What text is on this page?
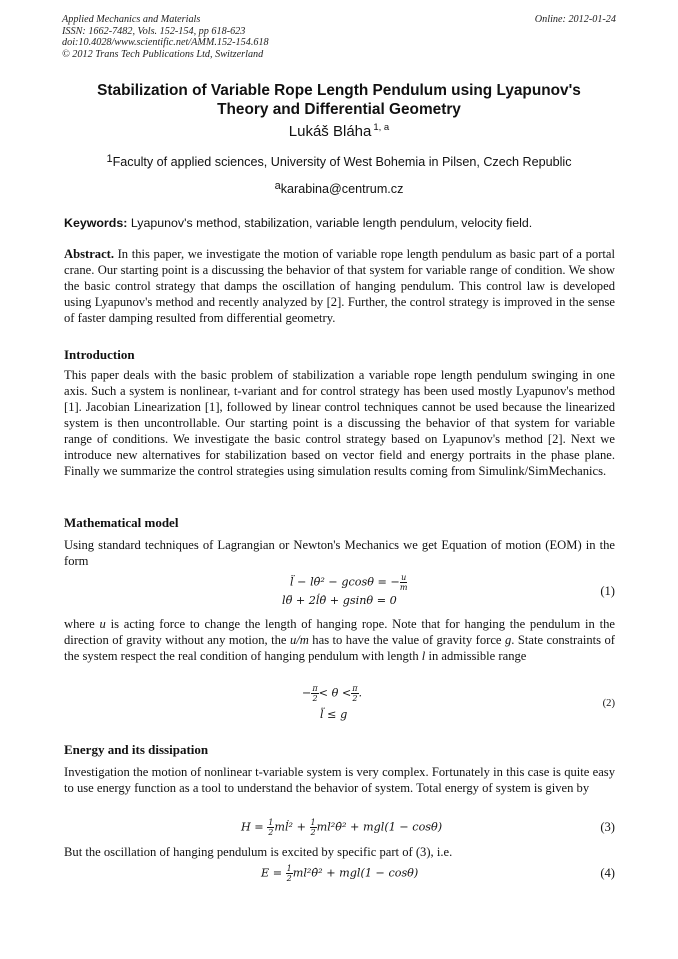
Applied Mechanics and Materials
ISSN: 1662-7482, Vols. 152-154, pp 618-623
doi:10.4028/www.scientific.net/AMM.152-154.618
© 2012 Trans Tech Publications Ltd, Switzerland
Online: 2012-01-24
Stabilization of Variable Rope Length Pendulum using Lyapunov's
Theory and Differential Geometry
Lukáš Bláha $^{1, a}$
1Faculty of applied sciences, University of West Bohemia in Pilsen, Czech Republic
akarabina@centrum.cz
Keywords: Lyapunov's method, stabilization, variable length pendulum, velocity field.

Abstract. In this paper, we investigate the motion of variable rope length pendulum as basic part of a portal crane. Our starting point is a discussing the behavior of that system for variable range of condition. We show the basic control strategy that damps the oscillation of hanging pendulum. This control law is developed using Lyapunov's method and recently analyzed by [2]. Further, the control strategy is improved in the sense of faster damping resulted from differential geometry.

Introduction

This paper deals with the basic problem of stabilization a variable rope length pendulum swinging in one axis. Such a system is nonlinear, t-variant and for control strategy has been used mostly Lyapunov's method [1]. Jacobian Linearization [1], followed by linear control techniques cannot be used because the linearized system is then uncontrollable. Our starting point is a discussing the behavior of that system for variable range of conditions. We investigate the basic control strategy based on Lyapunov's method [2]. Next we introduce new alternatives for stabilization based on vector field and energy portraits in the phase plane. Finally we summarize the control strategies using simulation results coming from Simulink/SimMechanics.

Mathematical model

Using standard techniques of Lagrangian or Newton's Mechanics we get Equation of motion (EOM) in the form

l̈ − lθ̇² − gcosθ = − $\frac{u}{m}$
lθ̈ + 2l̇θ̇ + gsinθ = 0
(1)

where u is acting force to change the length of hanging rope. Note that for hanging the pendulum in the direction of gravity without any motion, the u/m has to have the value of gravity force g. State constraints of the system respect the real condition of hanging pendulum with length l in admissible range

− $\frac{\pi}{2} < \theta < \frac{\pi}{2}$ .
l̈ ≤ g
(2)
Energy and its dissipation

Investigation the motion of nonlinear t-variable system is very complex. Fortunately in this case is quite easy to use energy function as a tool to understand the behavior of system. Total energy of system is given by

$H = \frac{1}{2}$ ml̇² + $\frac{1}{2}$ ml²θ̇² + mgl(1 − cosθ)	(3)

But the oscillation of hanging pendulum is excited by specific part of (3), i.e.

$E = \frac{1}{2}$ ml²θ̇² + mgl(1 − cosθ)	(4)
